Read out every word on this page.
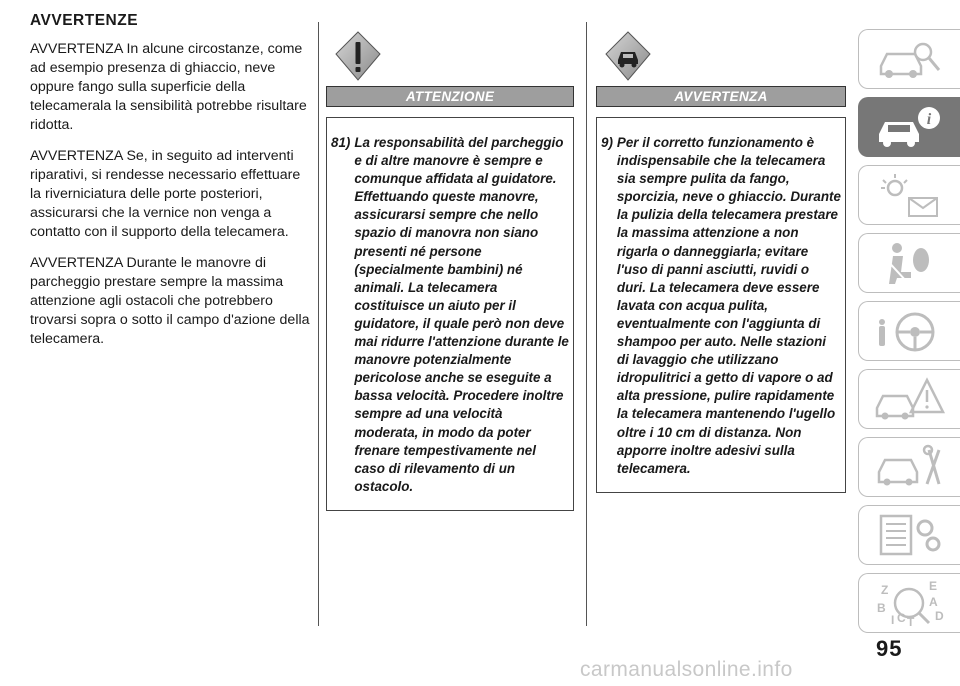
AVVERTENZE

AVVERTENZA In alcune circostanze, come ad esempio presenza di ghiaccio, neve oppure fango sulla superficie della telecamerala la sensibilità potrebbe risultare ridotta.

AVVERTENZA Se, in seguito ad interventi riparativi, si rendesse necessario effettuare la riverniciatura delle porte posteriori, assicurarsi che la vernice non venga a contatto con il supporto della telecamera.

AVVERTENZA Durante le manovre di parcheggio prestare sempre la massima attenzione agli ostacoli che potrebbero trovarsi sopra o sotto il campo d'azione della telecamera.

ATTENZIONE
81) La responsabilità del parcheggio e di altre manovre è sempre e comunque affidata al guidatore. Effettuando queste manovre, assicurarsi sempre che nello spazio di manovra non siano presenti né persone (specialmente bambini) né animali. La telecamera costituisce un aiuto per il guidatore, il quale però non deve mai ridurre l'attenzione durante le manovre potenzialmente pericolose anche se eseguite a bassa velocità. Procedere inoltre sempre ad una velocità moderata, in modo da poter frenare tempestivamente nel caso di rilevamento di un ostacolo.
AVVERTENZA
9) Per il corretto funzionamento è indispensabile che la telecamera sia sempre pulita da fango, sporcizia, neve o ghiaccio. Durante la pulizia della telecamera prestare la massima attenzione a non rigarla o danneggiarla; evitare l'uso di panni asciutti, ruvidi o duri. La telecamera deve essere lavata con acqua pulita, eventualmente con l'aggiunta di shampoo per auto. Nelle stazioni di lavaggio che utilizzano idropulitrici a getto di vapore o ad alta pressione, pulire rapidamente la telecamera mantenendo l'ugello oltre i 10 cm di distanza. Non apporre inoltre adesivi sulla telecamera.
i
Z	E
B	A
I C T D
95
carmanualsonline.info
